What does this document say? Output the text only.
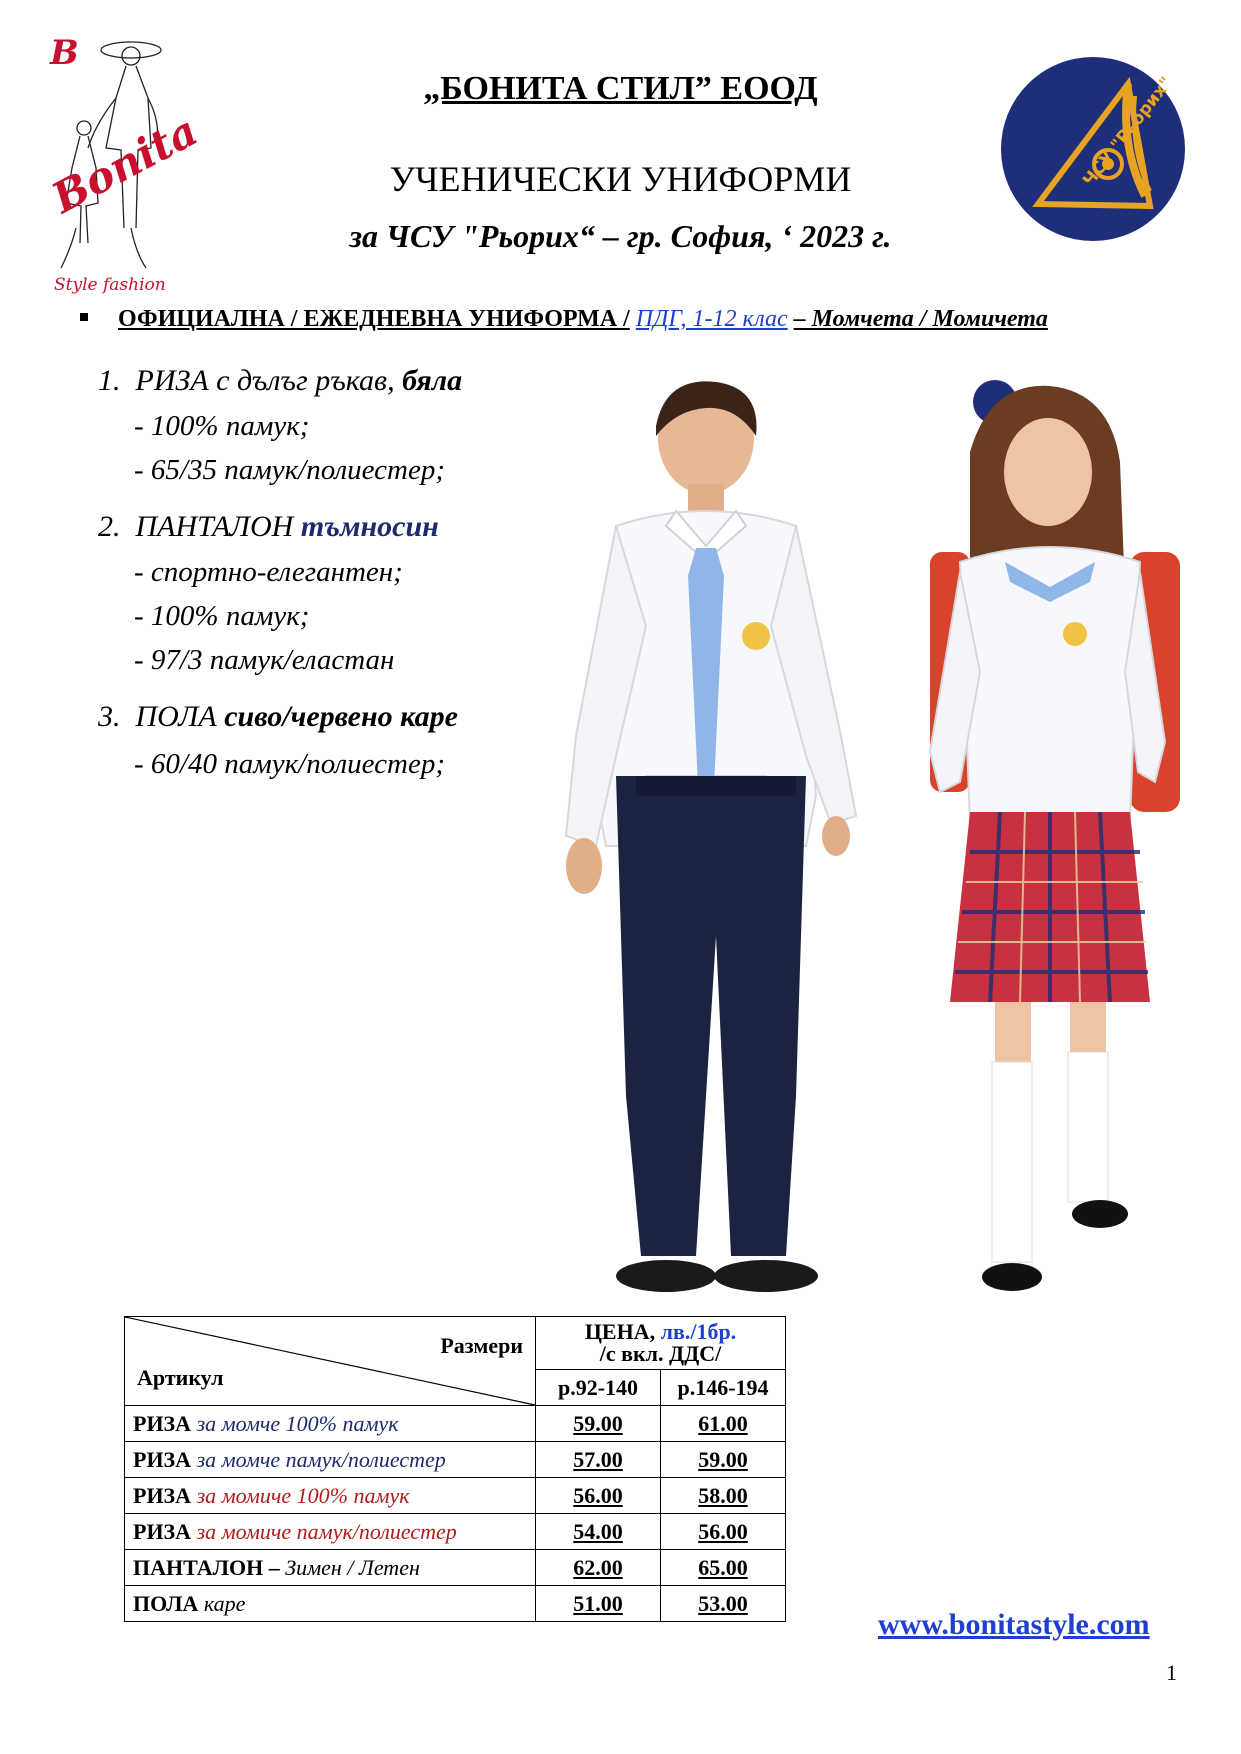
„БОНИТА СТИЛ” ЕООД
УЧЕНИЧЕСКИ УНИФОРМИ
за ЧСУ "Рьорих“ – гр. София, ‘ 2023 г.
B
Bonita
Style fashion
ЧСУ "Рьорих"
ОФИЦИАЛНА / ЕЖЕДНЕВНА УНИФОРМА / ПДГ, 1-12 клас – Момчета / Момичета
1. РИЗА с дълъг ръкав, бяла
- 100% памук;
- 65/35 памук/полиестер;
2. ПАНТАЛОН тъмносин
- спортно-елегантен;
- 100% памук;
- 97/3 памук/еластан
3. ПОЛА сиво/червено каре
- 60/40 памук/полиестер;
Размери
Артикул	ЦЕНА, лв./1бр.
/с вкл. ДДС/	
	р.92-140	р.146-194
РИЗА за момче 100% памук	59.00	61.00
РИЗА за момче памук/полиестер	57.00	59.00
РИЗА за момиче 100% памук	56.00	58.00
РИЗА за момиче памук/полиестер	54.00	56.00
ПАНТАЛОН – Зимен / Летен	62.00	65.00
ПОЛА каре	51.00	53.00
www.bonitastyle.com
1
